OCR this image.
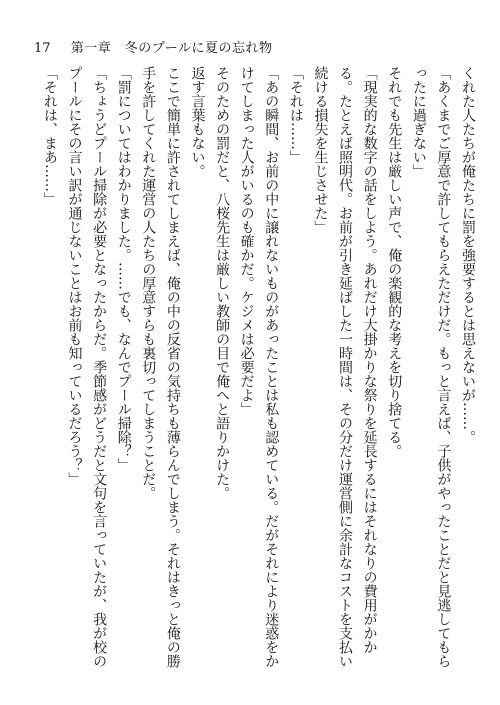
17 第一章　冬のプールに夏の忘れ物

くれた人たちが俺たちに罰を強要するとは思えないが……。

「あくまでご厚意で許してもらえただけだ。もっと言えば、子供がやったことだと見逃してもらったに過ぎない」

それでも先生は厳しい声で、俺の楽観的な考えを切り捨てる。

「現実的な数字の話をしよう。あれだけ大掛かりな祭りを延長するにはそれなりの費用がかかる。たとえば照明代。お前が引き延ばした一時間は、その分だけ運営側に余計なコストを支払い続ける損失を生じさせた」

「それは……」

「あの瞬間、お前の中に譲れないものがあったことは私も認めている。だがそれにより迷惑をかけてしまった人がいるのも確かだ。ケジメは必要だよ」

そのための罰だと、八桜先生は厳しい教師の目で俺へと語りかけた。

返す言葉もない。

ここで簡単に許されてしまえば、俺の中の反省の気持ちも薄らんでしまう。それはきっと俺の勝手を許してくれた運営の人たちの厚意すらも裏切ってしまうことだ。

「罰についてはわかりました。……でも、なんでプール掃除？」

「ちょうどプール掃除が必要となったからだ。季節感がどうだと文句を言っていたが、我が校のプールにその言い訳が通じないことはお前も知っているだろう？」

「それは、まあ……」
